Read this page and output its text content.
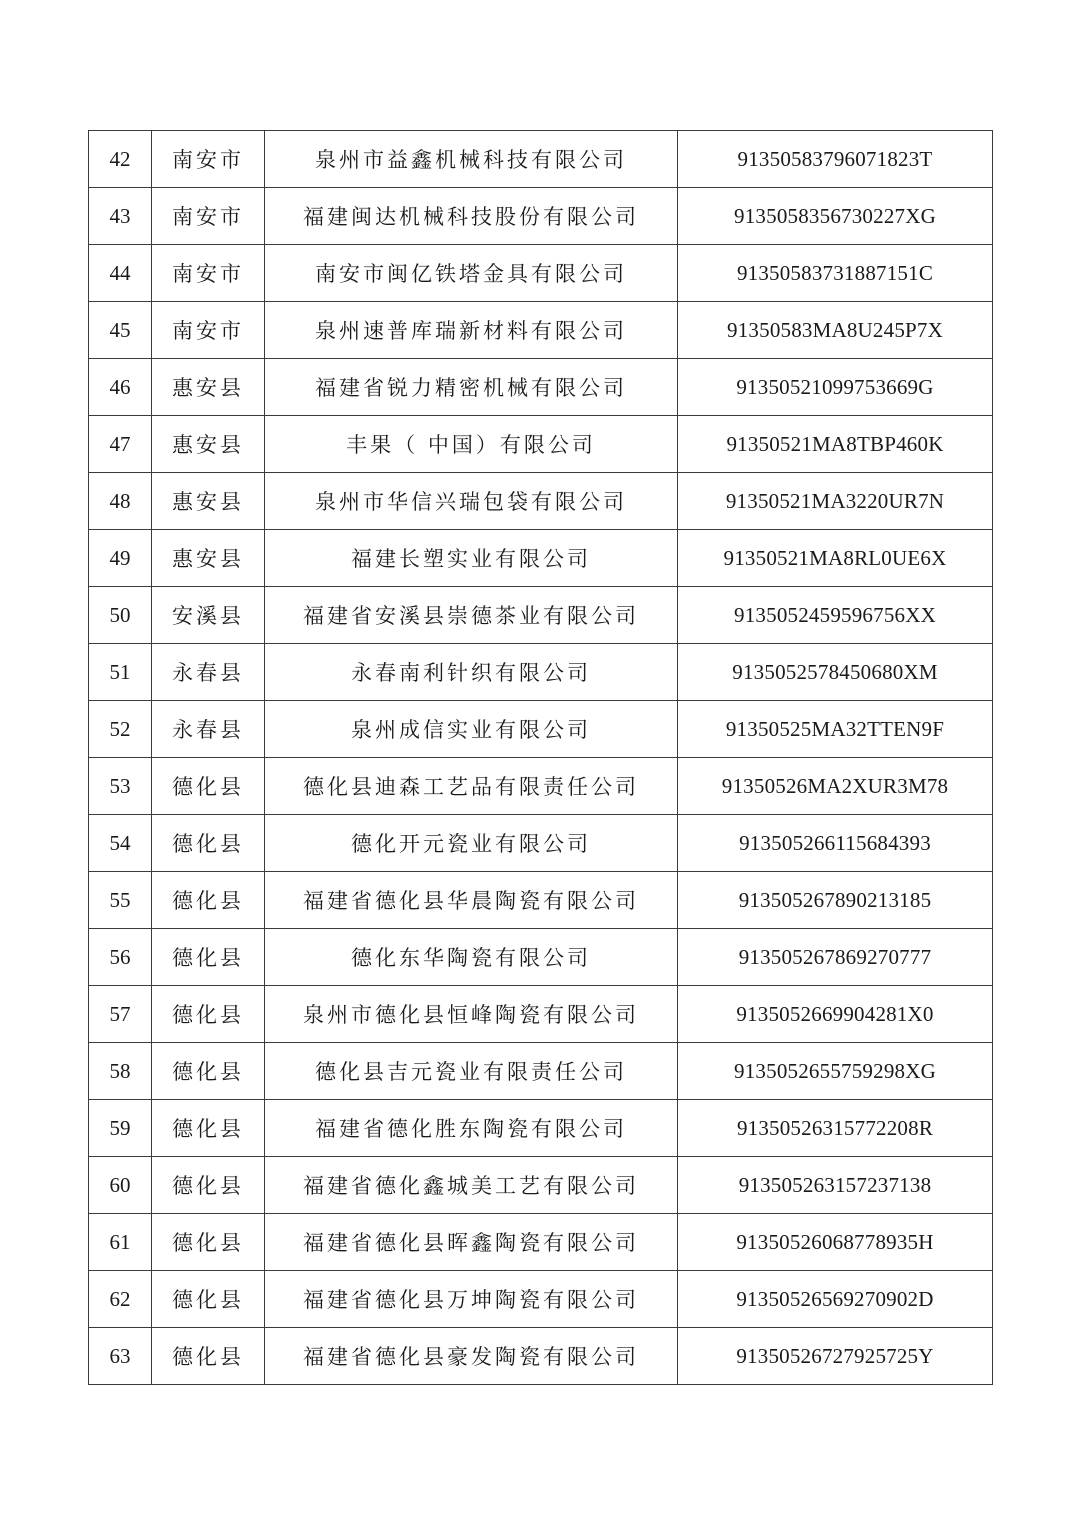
42	南安市	泉州市益鑫机械科技有限公司	91350583796071823T
43	南安市	福建闽达机械科技股份有限公司	9135058356730227XG
44	南安市	南安市闽亿铁塔金具有限公司	91350583731887151C
45	南安市	泉州速普库瑞新材料有限公司	91350583MA8U245P7X
46	惠安县	福建省锐力精密机械有限公司	91350521099753669G
47	惠安县	丰果（ 中国）有限公司	91350521MA8TBP460K
48	惠安县	泉州市华信兴瑞包袋有限公司	91350521MA3220UR7N
49	惠安县	福建长塑实业有限公司	91350521MA8RL0UE6X
50	安溪县	福建省安溪县崇德茶业有限公司	9135052459596756XX
51	永春县	永春南利针织有限公司	9135052578450680XM
52	永春县	泉州成信实业有限公司	91350525MA32TTEN9F
53	德化县	德化县迪森工艺品有限责任公司	91350526MA2XUR3M78
54	德化县	德化开元瓷业有限公司	913505266115684393
55	德化县	福建省德化县华晨陶瓷有限公司	913505267890213185
56	德化县	德化东华陶瓷有限公司	913505267869270777
57	德化县	泉州市德化县恒峰陶瓷有限公司	9135052669904281X0
58	德化县	德化县吉元瓷业有限责任公司	9135052655759298XG
59	德化县	福建省德化胜东陶瓷有限公司	91350526315772208R
60	德化县	福建省德化鑫城美工艺有限公司	913505263157237138
61	德化县	福建省德化县晖鑫陶瓷有限公司	91350526068778935H
62	德化县	福建省德化县万坤陶瓷有限公司	91350526569270902D
63	德化县	福建省德化县豪发陶瓷有限公司	91350526727925725Y
